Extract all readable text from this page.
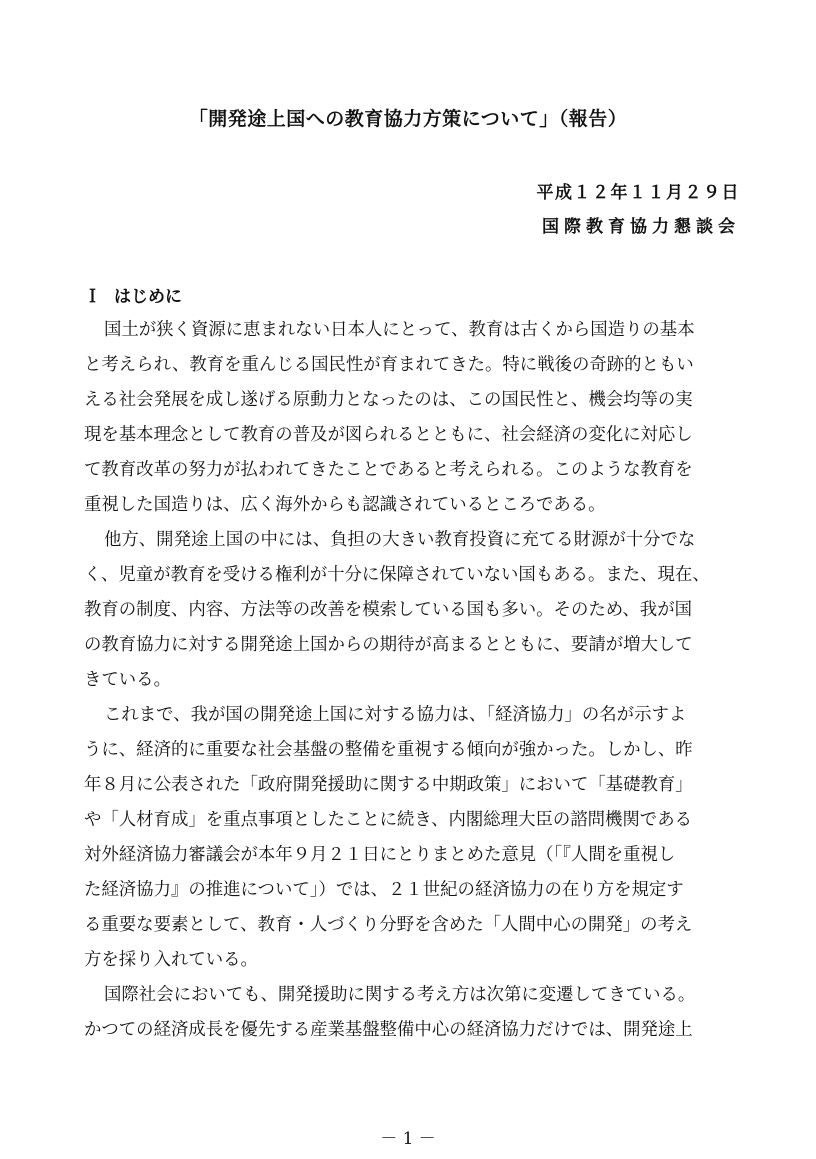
「開発途上国への教育協力方策について」（報告）
平成１２年１１月２９日
国際教育協力懇談会
Ｉ はじめに
国土が狭く資源に恵まれない日本人にとって、教育は古くから国造りの基本
と考えられ、教育を重んじる国民性が育まれてきた。特に戦後の奇跡的ともい
える社会発展を成し遂げる原動力となったのは、この国民性と、機会均等の実
現を基本理念として教育の普及が図られるとともに、社会経済の変化に対応し
て教育改革の努力が払われてきたことであると考えられる。このような教育を
重視した国造りは、広く海外からも認識されているところである。
他方、開発途上国の中には、負担の大きい教育投資に充てる財源が十分でな
く、児童が教育を受ける権利が十分に保障されていない国もある。また、現在、
教育の制度、内容、方法等の改善を模索している国も多い。そのため、我が国
の教育協力に対する開発途上国からの期待が高まるとともに、要請が増大して
きている。
これまで、我が国の開発途上国に対する協力は、「経済協力」の名が示すよ
うに、経済的に重要な社会基盤の整備を重視する傾向が強かった。しかし、昨
年８月に公表された「政府開発援助に関する中期政策」において「基礎教育」
や「人材育成」を重点事項としたことに続き、内閣総理大臣の諮問機関である
対外経済協力審議会が本年９月２１日にとりまとめた意見（「『人間を重視し
た経済協力』の推進について」）では、２１世紀の経済協力の在り方を規定す
る重要な要素として、教育・人づくり分野を含めた「人間中心の開発」の考え
方を採り入れている。
国際社会においても、開発援助に関する考え方は次第に変遷してきている。
かつての経済成長を優先する産業基盤整備中心の経済協力だけでは、開発途上
－ 1 －
